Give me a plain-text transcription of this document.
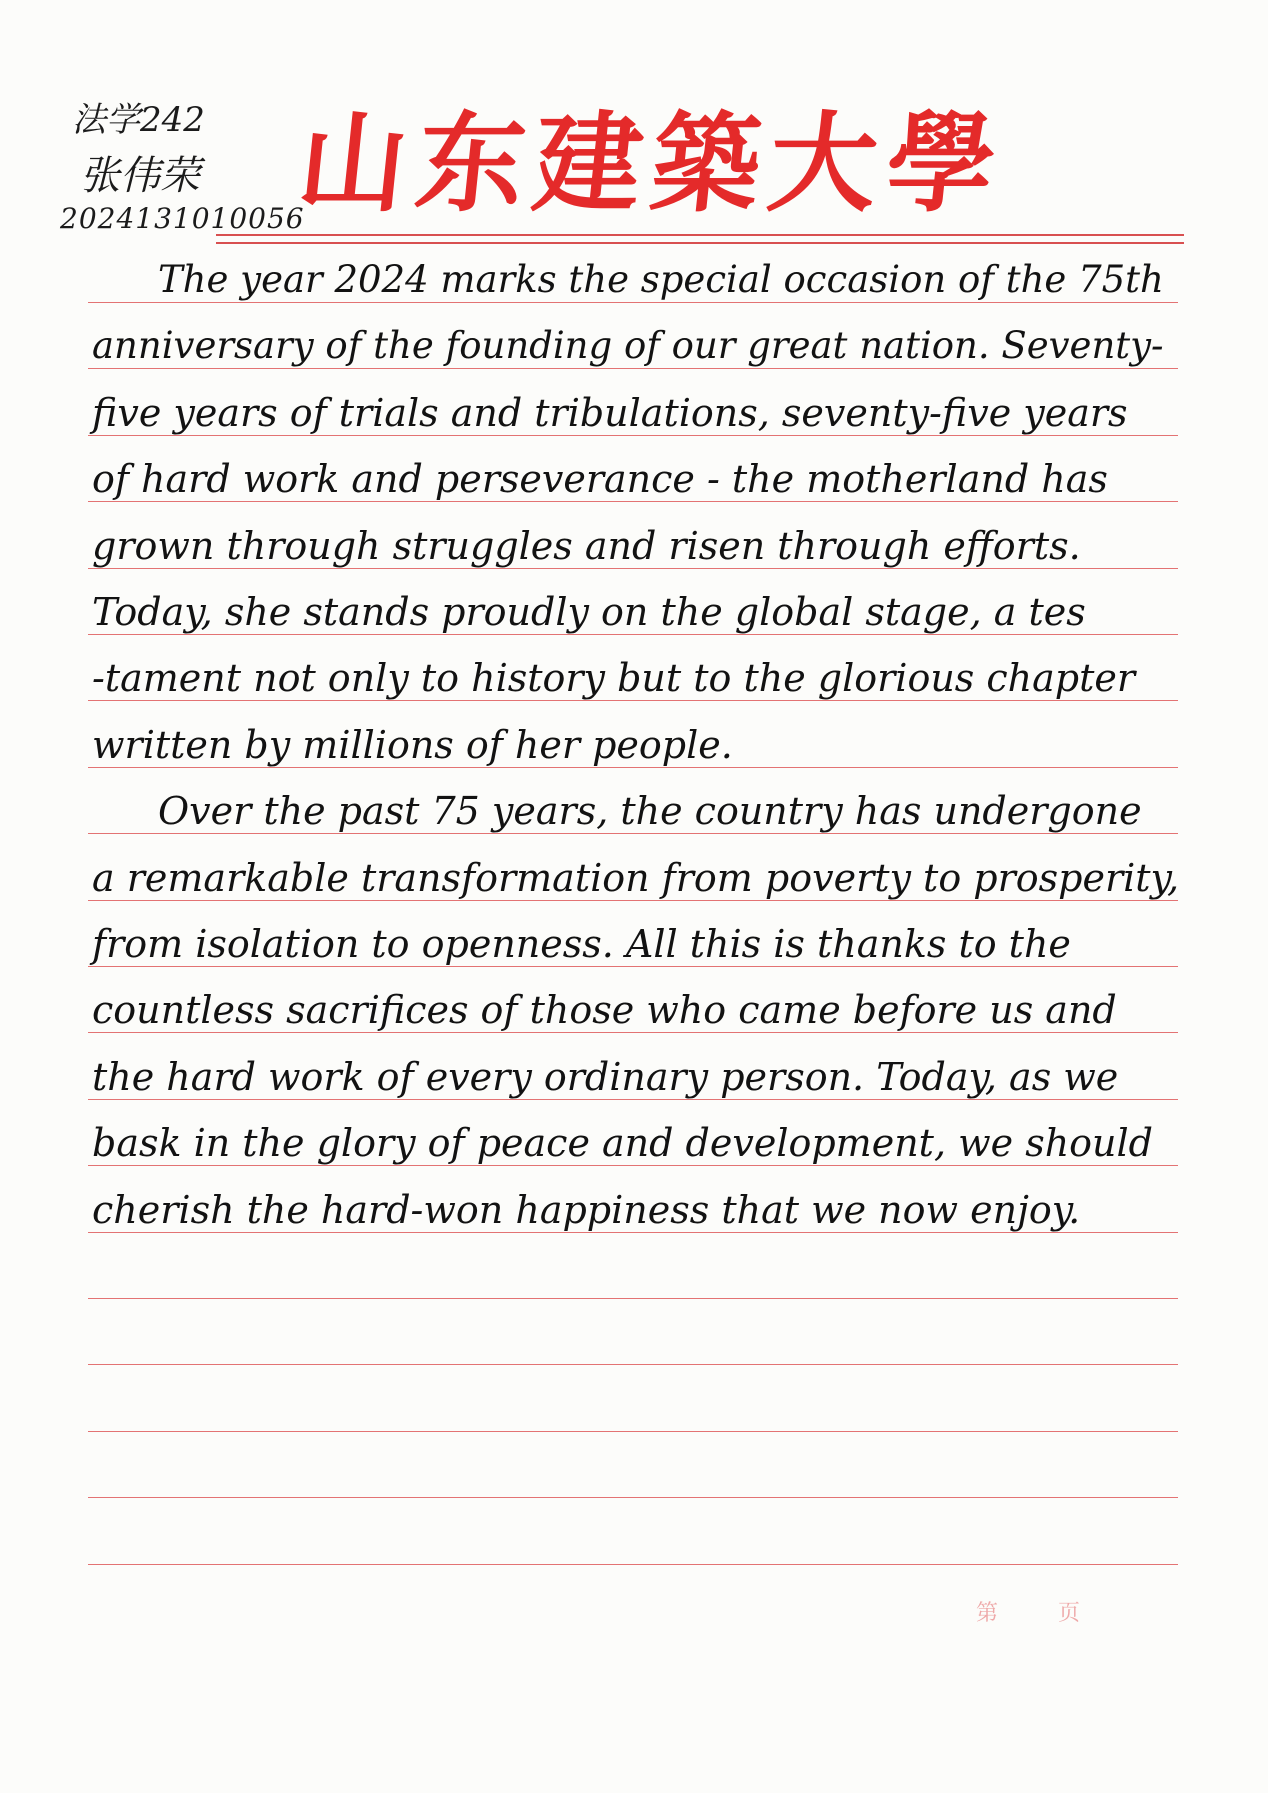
法学242
张伟荣
2024131010056
山
东
建
築
大
學
The year 2024 marks the special occasion of the 75th
anniversary of the founding of our great nation. Seventy-
five years of trials and tribulations, seventy-five years
of hard work and perseverance - the motherland has
grown through struggles and risen through efforts.
Today, she stands proudly on the global stage, a tes
-tament not only to history but to the glorious chapter
written by millions of her people.
Over the past 75 years, the country has undergone
a remarkable transformation from poverty to prosperity,
from isolation to openness. All this is thanks to the
countless sacrifices of those who came before us and
the hard work of every ordinary person. Today, as we
bask in the glory of peace and development, we should
cherish the hard-won happiness that we now enjoy.
第	页
